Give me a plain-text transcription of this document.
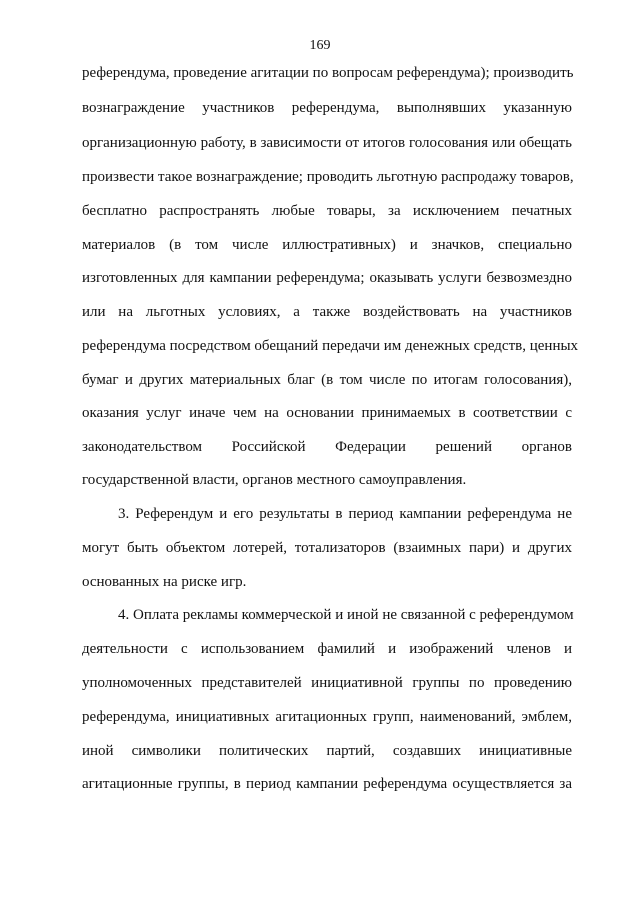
169
референдума, проведение агитации по вопросам референдума); производить
вознаграждение участников референдума, выполнявших указанную
организационную работу, в зависимости от итогов голосования или обещать
произвести такое вознаграждение; проводить льготную распродажу товаров,
бесплатно распространять любые товары, за исключением печатных
материалов (в том числе иллюстративных) и значков, специально
изготовленных для кампании референдума; оказывать услуги безвозмездно
или на льготных условиях, а также воздействовать на участников
референдума посредством обещаний передачи им денежных средств, ценных
бумаг и других материальных благ (в том числе по итогам голосования),
оказания услуг иначе чем на основании принимаемых в соответствии с
законодательством Российской Федерации решений органов
государственной власти, органов местного самоуправления.
3. Референдум и его результаты в период кампании референдума не
могут быть объектом лотерей, тотализаторов (взаимных пари) и других
основанных на риске игр.
4. Оплата рекламы коммерческой и иной не связанной с референдумом
деятельности с использованием фамилий и изображений членов и
уполномоченных представителей инициативной группы по проведению
референдума, инициативных агитационных групп, наименований, эмблем,
иной символики политических партий, создавших инициативные
агитационные группы, в период кампании референдума осуществляется за
